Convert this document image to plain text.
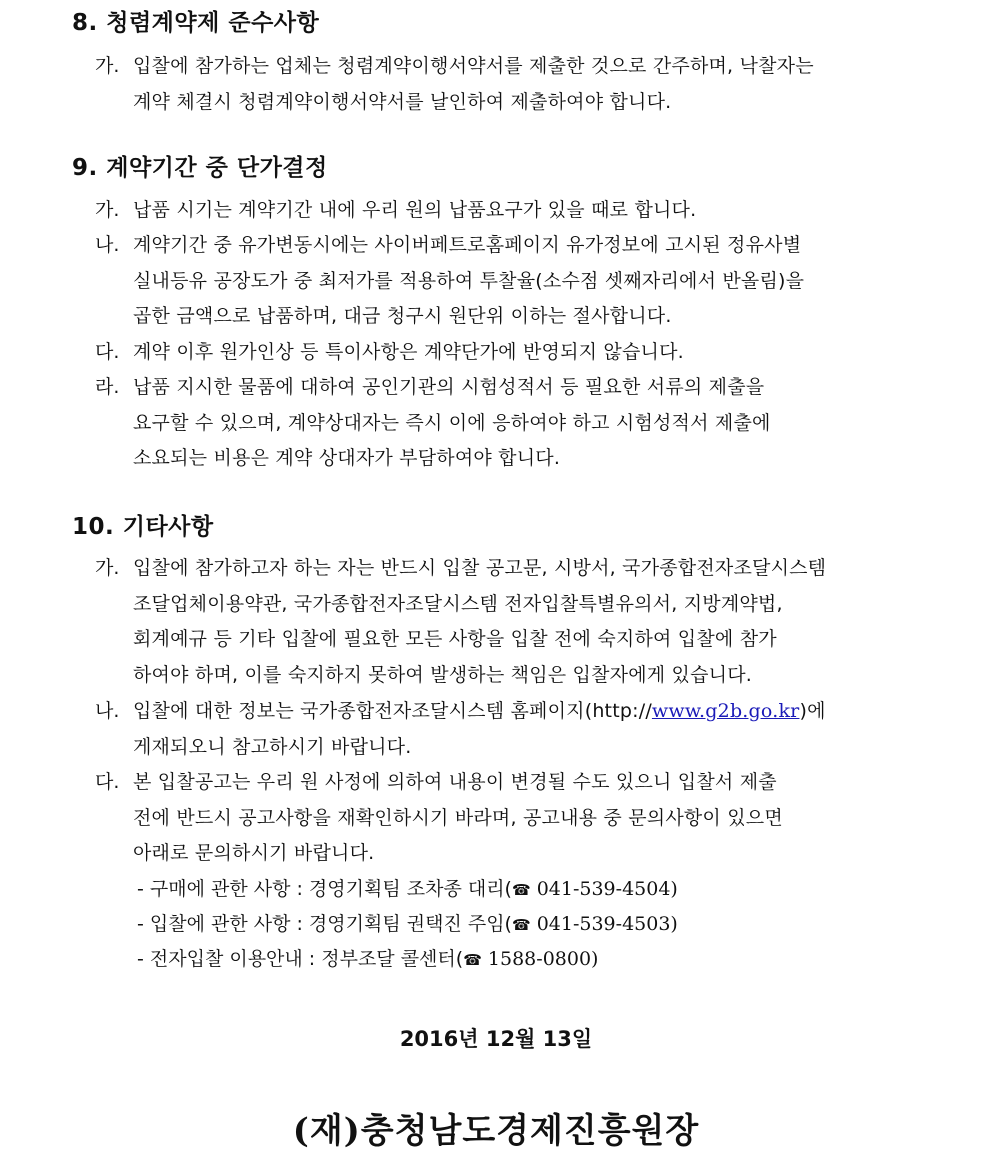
8. 청렴계약제 준수사항
가. 입찰에 참가하는 업체는 청렴계약이행서약서를 제출한 것으로 간주하며, 낙찰자는

계약 체결시 청렴계약이행서약서를 날인하여 제출하여야 합니다.

9. 계약기간 중 단가결정
가. 납품 시기는 계약기간 내에 우리 원의 납품요구가 있을 때로 합니다.

나. 계약기간 중 유가변동시에는 사이버페트로홈페이지 유가정보에 고시된 정유사별

실내등유 공장도가 중 최저가를 적용하여 투찰율(소수점 셋째자리에서 반올림)을

곱한 금액으로 납품하며, 대금 청구시 원단위 이하는 절사합니다.

다. 계약 이후 원가인상 등 특이사항은 계약단가에 반영되지 않습니다.

라. 납품 지시한 물품에 대하여 공인기관의 시험성적서 등 필요한 서류의 제출을

요구할 수 있으며, 계약상대자는 즉시 이에 응하여야 하고 시험성적서 제출에

소요되는 비용은 계약 상대자가 부담하여야 합니다.

10. 기타사항
가. 입찰에 참가하고자 하는 자는 반드시 입찰 공고문, 시방서, 국가종합전자조달시스템

조달업체이용약관, 국가종합전자조달시스템 전자입찰특별유의서, 지방계약법,

회계예규 등 기타 입찰에 필요한 모든 사항을 입찰 전에 숙지하여 입찰에 참가

하여야 하며, 이를 숙지하지 못하여 발생하는 책임은 입찰자에게 있습니다.

나. 입찰에 대한 정보는 국가종합전자조달시스템 홈페이지(http://www.g2b.go.kr)에

게재되오니 참고하시기 바랍니다.

다. 본 입찰공고는 우리 원 사정에 의하여 내용이 변경될 수도 있으니 입찰서 제출

전에 반드시 공고사항을 재확인하시기 바라며, 공고내용 중 문의사항이 있으면

아래로 문의하시기 바랍니다.

- 구매에 관한 사항 : 경영기획팀 조차종 대리(☎ 041-539-4504)
- 입찰에 관한 사항 : 경영기획팀 권택진 주임(☎ 041-539-4503)
- 전자입찰 이용안내 : 정부조달 콜센터(☎ 1588-0800)
2016년 12월 13일
(재)충청남도경제진흥원장
